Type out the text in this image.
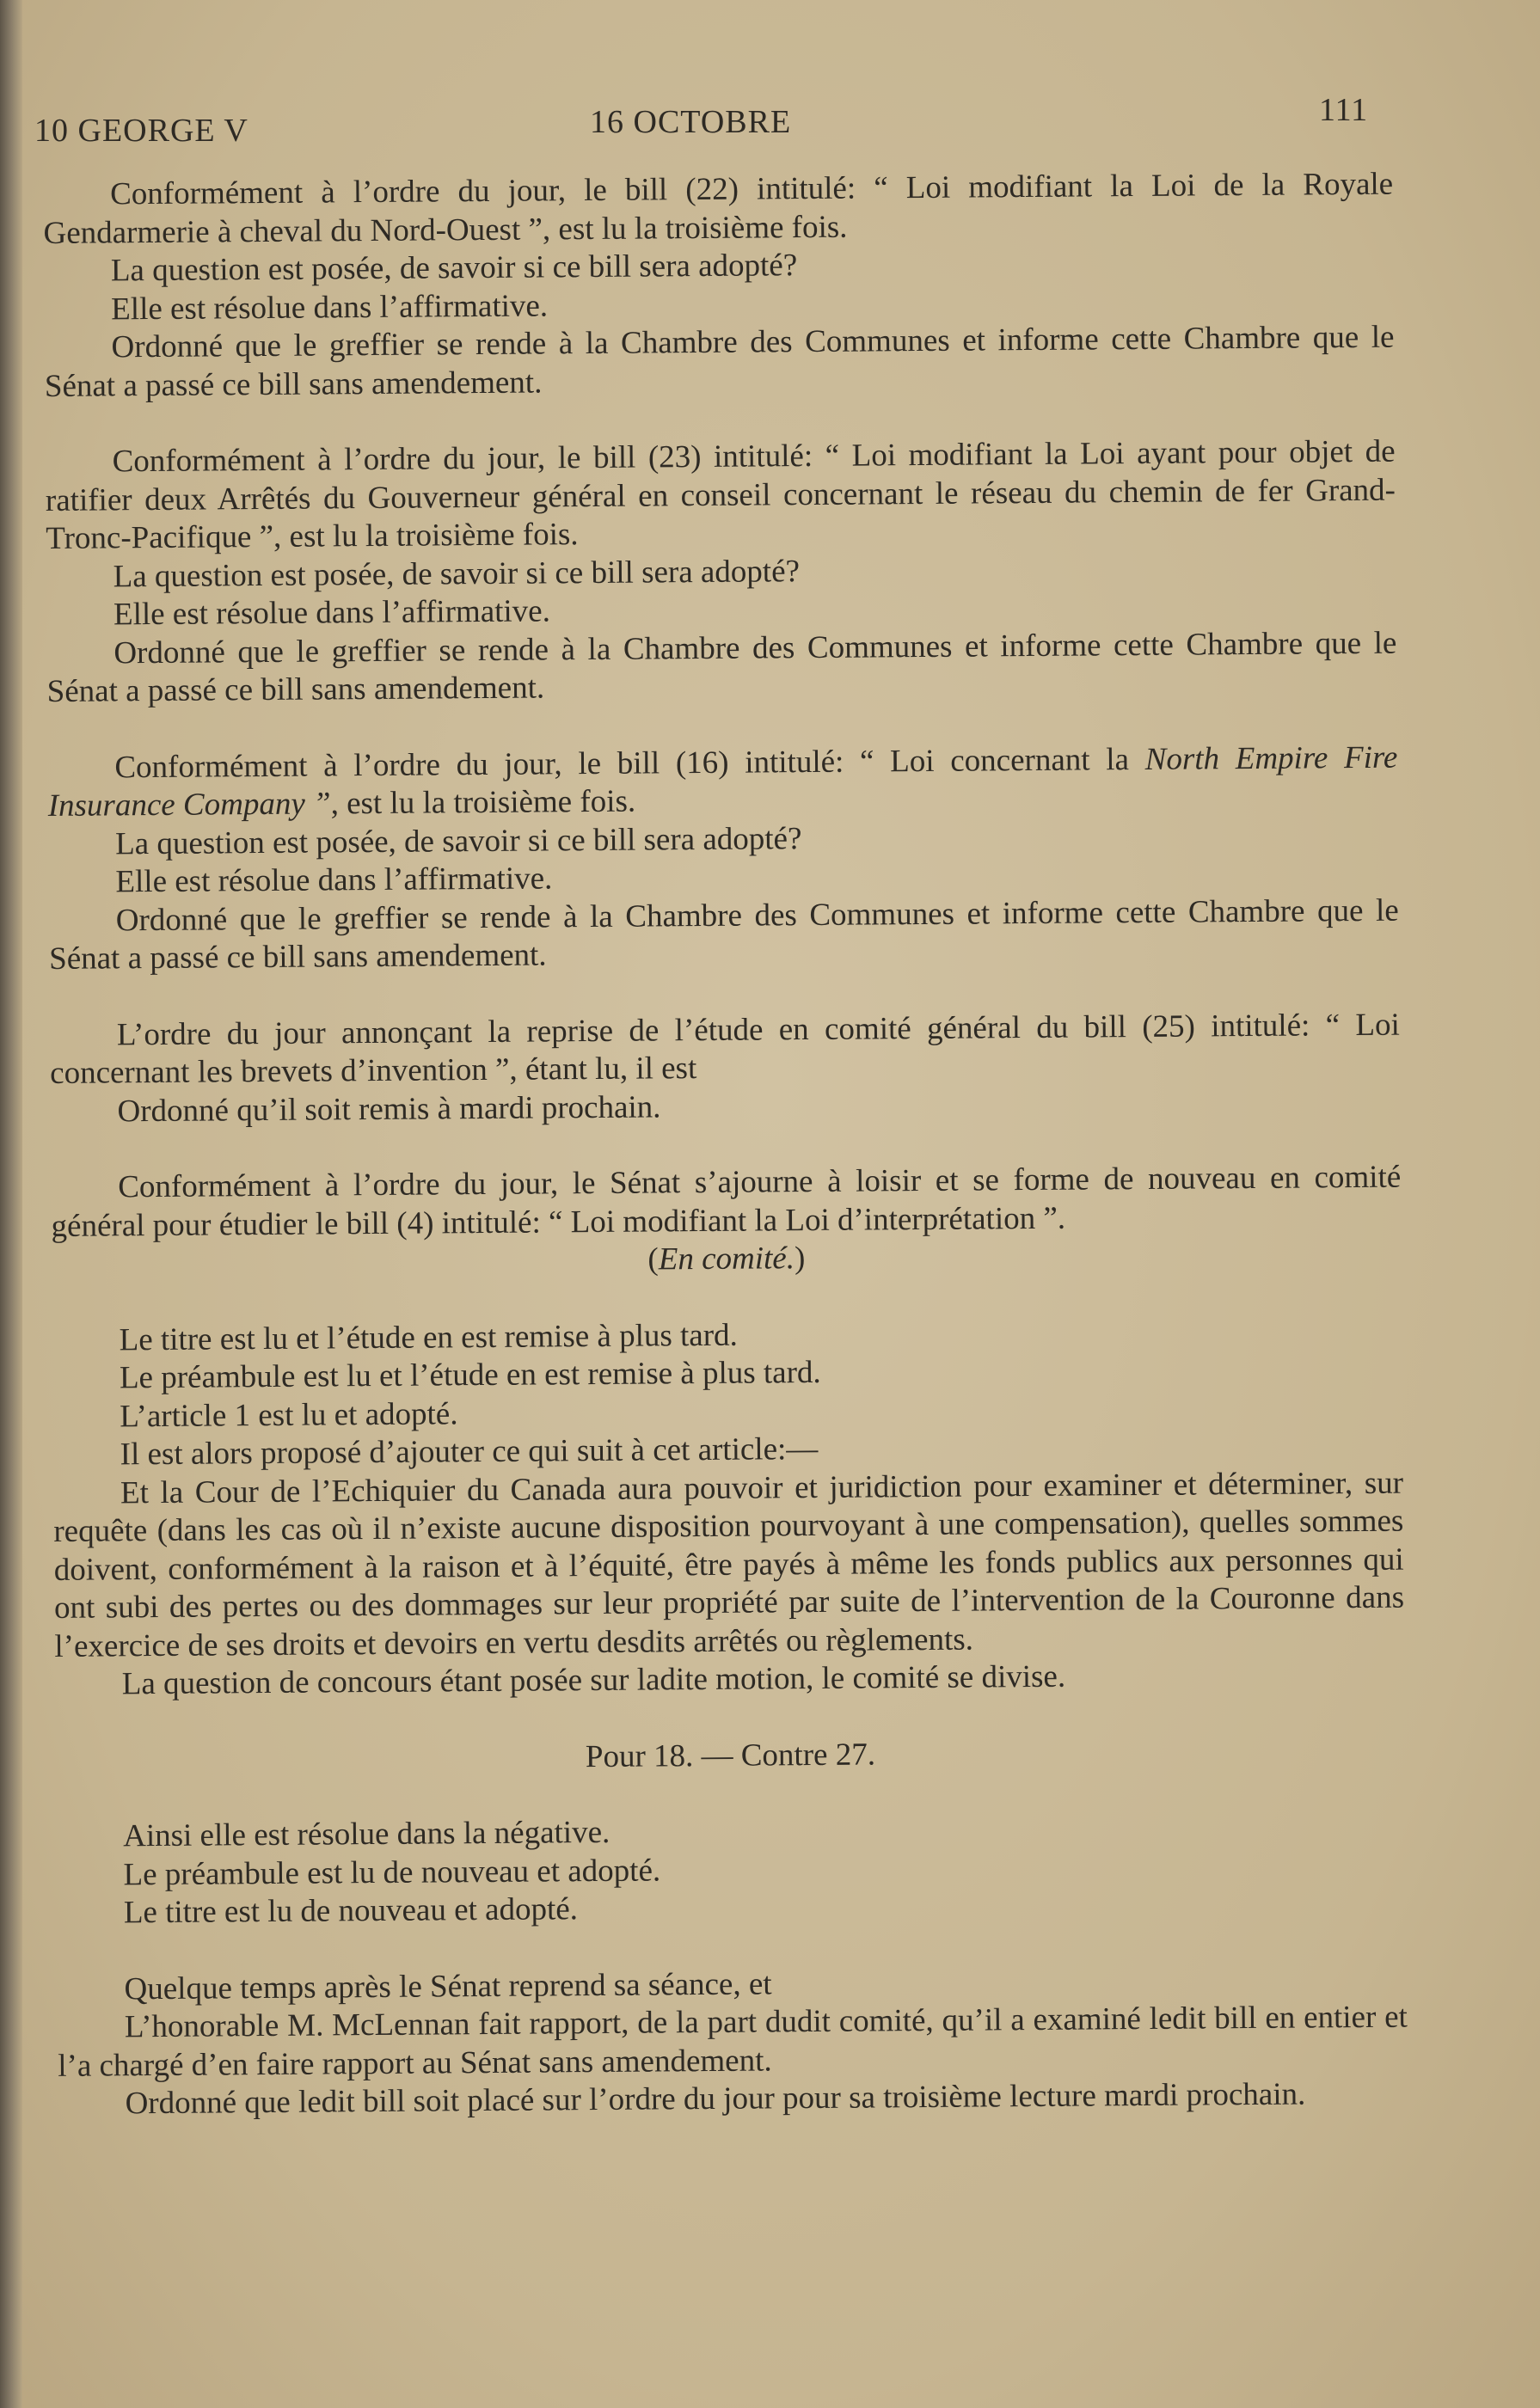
10 GEORGE V	16 OCTOBRE	111

Conformément à l’ordre du jour, le bill (22) intitulé: “ Loi modifiant la Loi de la Royale Gendarmerie à cheval du Nord-Ouest ”, est lu la troisième fois.

La question est posée, de savoir si ce bill sera adopté?

Elle est résolue dans l’affirmative.

Ordonné que le greffier se rende à la Chambre des Communes et informe cette Chambre que le Sénat a passé ce bill sans amendement.

Conformément à l’ordre du jour, le bill (23) intitulé: “ Loi modifiant la Loi ayant pour objet de ratifier deux Arrêtés du Gouverneur général en conseil concernant le réseau du chemin de fer Grand-Tronc-Pacifique ”, est lu la troisième fois.

La question est posée, de savoir si ce bill sera adopté?

Elle est résolue dans l’affirmative.

Ordonné que le greffier se rende à la Chambre des Communes et informe cette Chambre que le Sénat a passé ce bill sans amendement.

Conformément à l’ordre du jour, le bill (16) intitulé: “ Loi concernant la North Empire Fire Insurance Company ”, est lu la troisième fois.

La question est posée, de savoir si ce bill sera adopté?

Elle est résolue dans l’affirmative.

Ordonné que le greffier se rende à la Chambre des Communes et informe cette Chambre que le Sénat a passé ce bill sans amendement.

L’ordre du jour annonçant la reprise de l’étude en comité général du bill (25) intitulé: “ Loi concernant les brevets d’invention ”, étant lu, il est

Ordonné qu’il soit remis à mardi prochain.

Conformément à l’ordre du jour, le Sénat s’ajourne à loisir et se forme de nouveau en comité général pour étudier le bill (4) intitulé: “ Loi modifiant la Loi d’interprétation ”.

(En comité.)

Le titre est lu et l’étude en est remise à plus tard.

Le préambule est lu et l’étude en est remise à plus tard.

L’article 1 est lu et adopté.

Il est alors proposé d’ajouter ce qui suit à cet article:—

Et la Cour de l’Echiquier du Canada aura pouvoir et juridiction pour examiner et déterminer, sur requête (dans les cas où il n’existe aucune disposition pourvoyant à une compensation), quelles sommes doivent, conformément à la raison et à l’équité, être payés à même les fonds publics aux personnes qui ont subi des pertes ou des dommages sur leur propriété par suite de l’intervention de la Couronne dans l’exercice de ses droits et devoirs en vertu desdits arrêtés ou règlements.

La question de concours étant posée sur ladite motion, le comité se divise.

Pour 18. — Contre 27.

Ainsi elle est résolue dans la négative.

Le préambule est lu de nouveau et adopté.

Le titre est lu de nouveau et adopté.

Quelque temps après le Sénat reprend sa séance, et

L’honorable M. McLennan fait rapport, de la part dudit comité, qu’il a examiné ledit bill en entier et l’a chargé d’en faire rapport au Sénat sans amendement.

Ordonné que ledit bill soit placé sur l’ordre du jour pour sa troisième lecture mardi prochain.
